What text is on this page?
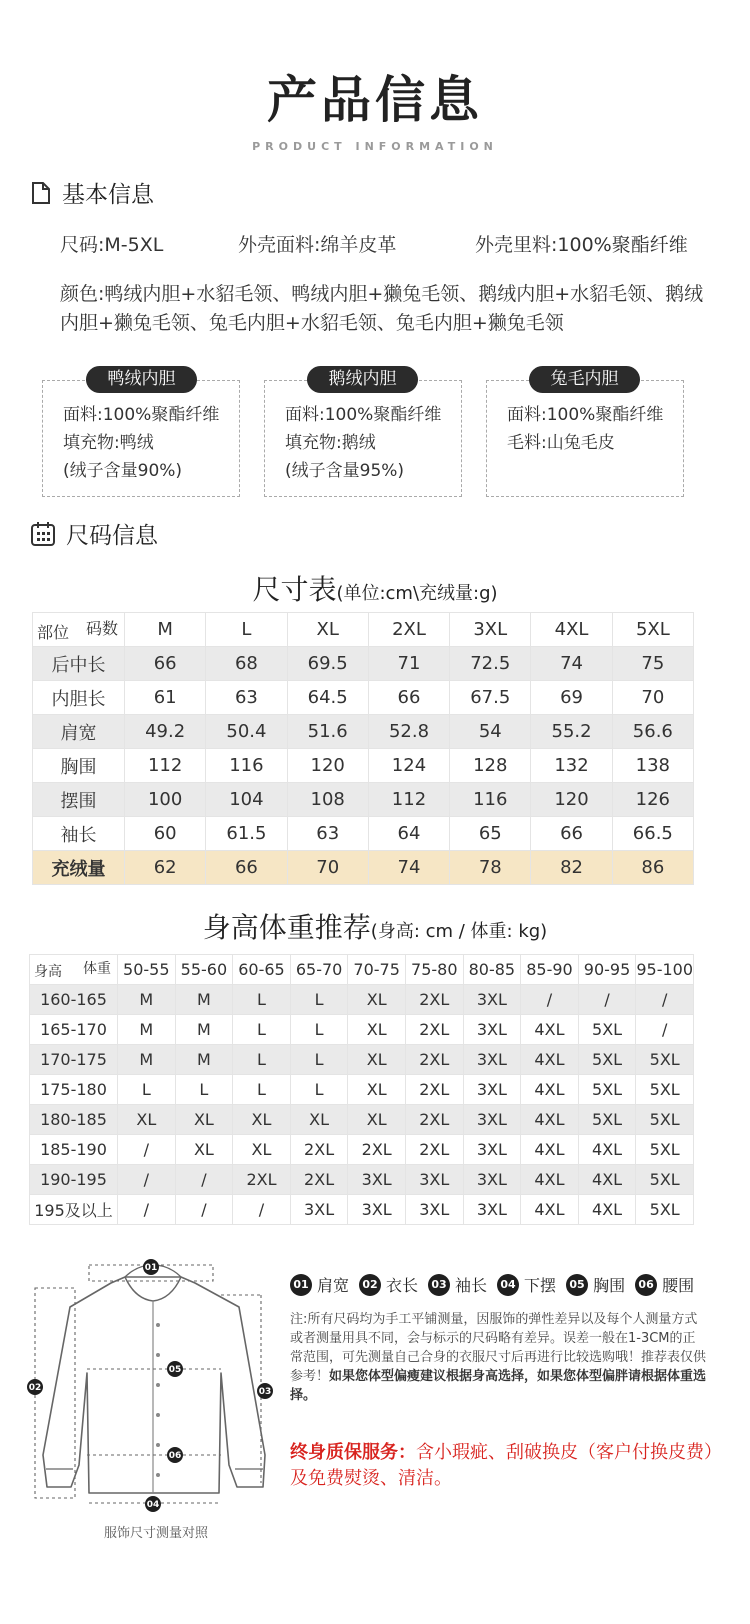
产品信息
PRODUCT INFORMATION
基本信息
尺码:M-5XL	外壳面料:绵羊皮革	外壳里料:100%聚酯纤维
颜色:鸭绒内胆+水貂毛领、鸭绒内胆+獭兔毛领、鹅绒内胆+水貂毛领、鹅绒内胆+獭兔毛领、兔毛内胆+水貂毛领、兔毛内胆+獭兔毛领
面料:100%聚酯纤维
填充物:鸭绒
(绒子含量90%)
鸭绒内胆
面料:100%聚酯纤维
填充物:鹅绒
(绒子含量95%)
鹅绒内胆
面料:100%聚酯纤维
毛料:山兔毛皮
兔毛内胆
尺码信息
尺寸表(单位:cm\充绒量:g)
码数
部位	M	L	XL	2XL	3XL	4XL	5XL
后中长	66	68	69.5	71	72.5	74	75
内胆长	61	63	64.5	66	67.5	69	70
肩宽	49.2	50.4	51.6	52.8	54	55.2	56.6
胸围	112	116	120	124	128	132	138
摆围	100	104	108	112	116	120	126
袖长	60	61.5	63	64	65	66	66.5
充绒量	62	66	70	74	78	82	86
身高体重推荐(身高: cm / 体重: kg)
体重
身高	50-55	55-60	60-65	65-70	70-75	75-80	80-85	85-90	90-95	95-100
160-165	M	M	L	L	XL	2XL	3XL	/	/	/
165-170	M	M	L	L	XL	2XL	3XL	4XL	5XL	/
170-175	M	M	L	L	XL	2XL	3XL	4XL	5XL	5XL
175-180	L	L	L	L	XL	2XL	3XL	4XL	5XL	5XL
180-185	XL	XL	XL	XL	XL	2XL	3XL	4XL	5XL	5XL
185-190	/	XL	XL	2XL	2XL	2XL	3XL	4XL	4XL	5XL
190-195	/	/	2XL	2XL	3XL	3XL	3XL	4XL	4XL	5XL
195及以上	/	/	/	3XL	3XL	3XL	3XL	4XL	4XL	5XL
01
02	03
04
05
06
服饰尺寸测量对照
01 肩宽	02 衣长	03 袖长	04 下摆	05 胸围	06 腰围
注:所有尺码均为手工平铺测量，因服饰的弹性差异以及每个人测量方式或者测量用具不同，会与标示的尺码略有差异。误差一般在1-3CM的正常范围，可先测量自己合身的衣服尺寸后再进行比较选购哦！推荐表仅供参考！如果您体型偏瘦建议根据身高选择，如果您体型偏胖请根据体重选择。
终身质保服务：含小瑕疵、刮破换皮（客户付换皮费）及免费熨烫、清洁。
